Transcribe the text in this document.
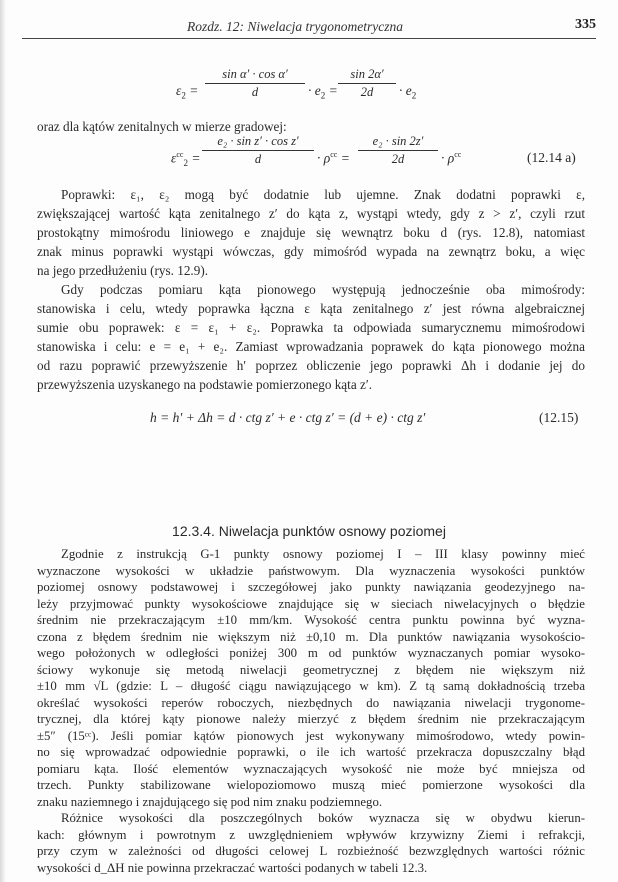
Rozdz. 12: Niwelacja trygonometryczna	335
$\varepsilon_2 = \frac{\text{sin α′ · cos α′}}{d} \cdot e_2 = \frac{\sin 2\alpha'}{2d} \cdot e_2$
oraz dla kątów zenitalnych w mierze gradowej:
$\varepsilon^{cc}_2 = \frac{\text{e₂ · sin z′ · cos z′}}{d} \cdot \rho^{cc} = \frac{\text{e₂ · sin 2z′}}{2d} \cdot \rho^{cc}$	(12.14 a)
Poprawki: ε₁, ε₂ mogą być dodatnie lub ujemne. Znak dodatni poprawki ε,
zwiększającej wartość kąta zenitalnego z′ do kąta z, wystąpi wtedy, gdy z > z′, czyli rzut
prostokątny mimośrodu liniowego e znajduje się wewnątrz boku d (rys. 12.8), natomiast
znak minus poprawki wystąpi wówczas, gdy mimośród wypada na zewnątrz boku, a więc
na jego przedłużeniu (rys. 12.9).
Gdy podczas pomiaru kąta pionowego występują jednocześnie oba mimośrody:
stanowiska i celu, wtedy poprawka łączna ε kąta zenitalnego z′ jest równa algebraicznej
sumie obu poprawek: ε = ε₁ + ε₂. Poprawka ta odpowiada sumarycznemu mimośrodowi
stanowiska i celu: e = e₁ + e₂. Zamiast wprowadzania poprawek do kąta pionowego można
od razu poprawić przewyższenie h′ poprzez obliczenie jego poprawki Δh i dodanie jej do
przewyższenia uzyskanego na podstawie pomierzonego kąta z′.
h = h′ + Δh = d · ctg z′ + e · ctg z′ = (d + e) · ctg z′	(12.15)
12.3.4. Niwelacja punktów osnowy poziomej
Zgodnie z instrukcją G-1 punkty osnowy poziomej I – III klasy powinny mieć
wyznaczone wysokości w układzie państwowym. Dla wyznaczenia wysokości punktów
poziomej osnowy podstawowej i szczegółowej jako punkty nawiązania geodezyjnego na-
leży przyjmować punkty wysokościowe znajdujące się w sieciach niwelacyjnych o błędzie
średnim nie przekraczającym ±10 mm/km. Wysokość centra punktu powinna być wyzna-
czona z błędem średnim nie większym niż ±0,10 m. Dla punktów nawiązania wysokościo-
wego położonych w odległości poniżej 300 m od punktów wyznaczanych pomiar wysoko-
ściowy wykonuje się metodą niwelacji geometrycznej z błędem nie większym niż
±10 mm √L (gdzie: L – długość ciągu nawiązującego w km). Z tą samą dokładnością trzeba
określać wysokości reperów roboczych, niezbędnych do nawiązania niwelacji trygonome-
trycznej, dla której kąty pionowe należy mierzyć z błędem średnim nie przekraczającym
±5″ (15ᶜᶜ). Jeśli pomiar kątów pionowych jest wykonywany mimośrodowo, wtedy powin-
no się wprowadzać odpowiednie poprawki, o ile ich wartość przekracza dopuszczalny błąd
pomiaru kąta. Ilość elementów wyznaczających wysokość nie może być mniejsza od
trzech. Punkty stabilizowane wielopoziomowo muszą mieć pomierzone wysokości dla
znaku naziemnego i znajdującego się pod nim znaku podziemnego.
Różnice wysokości dla poszczególnych boków wyznacza się w obydwu kierun-
kach: głównym i powrotnym z uwzględnieniem wpływów krzywizny Ziemi i refrakcji,
przy czym w zależności od długości celowej L rozbieżność bezwzględnych wartości różnic
wysokości d_ΔH nie powinna przekraczać wartości podanych w tabeli 12.3.
